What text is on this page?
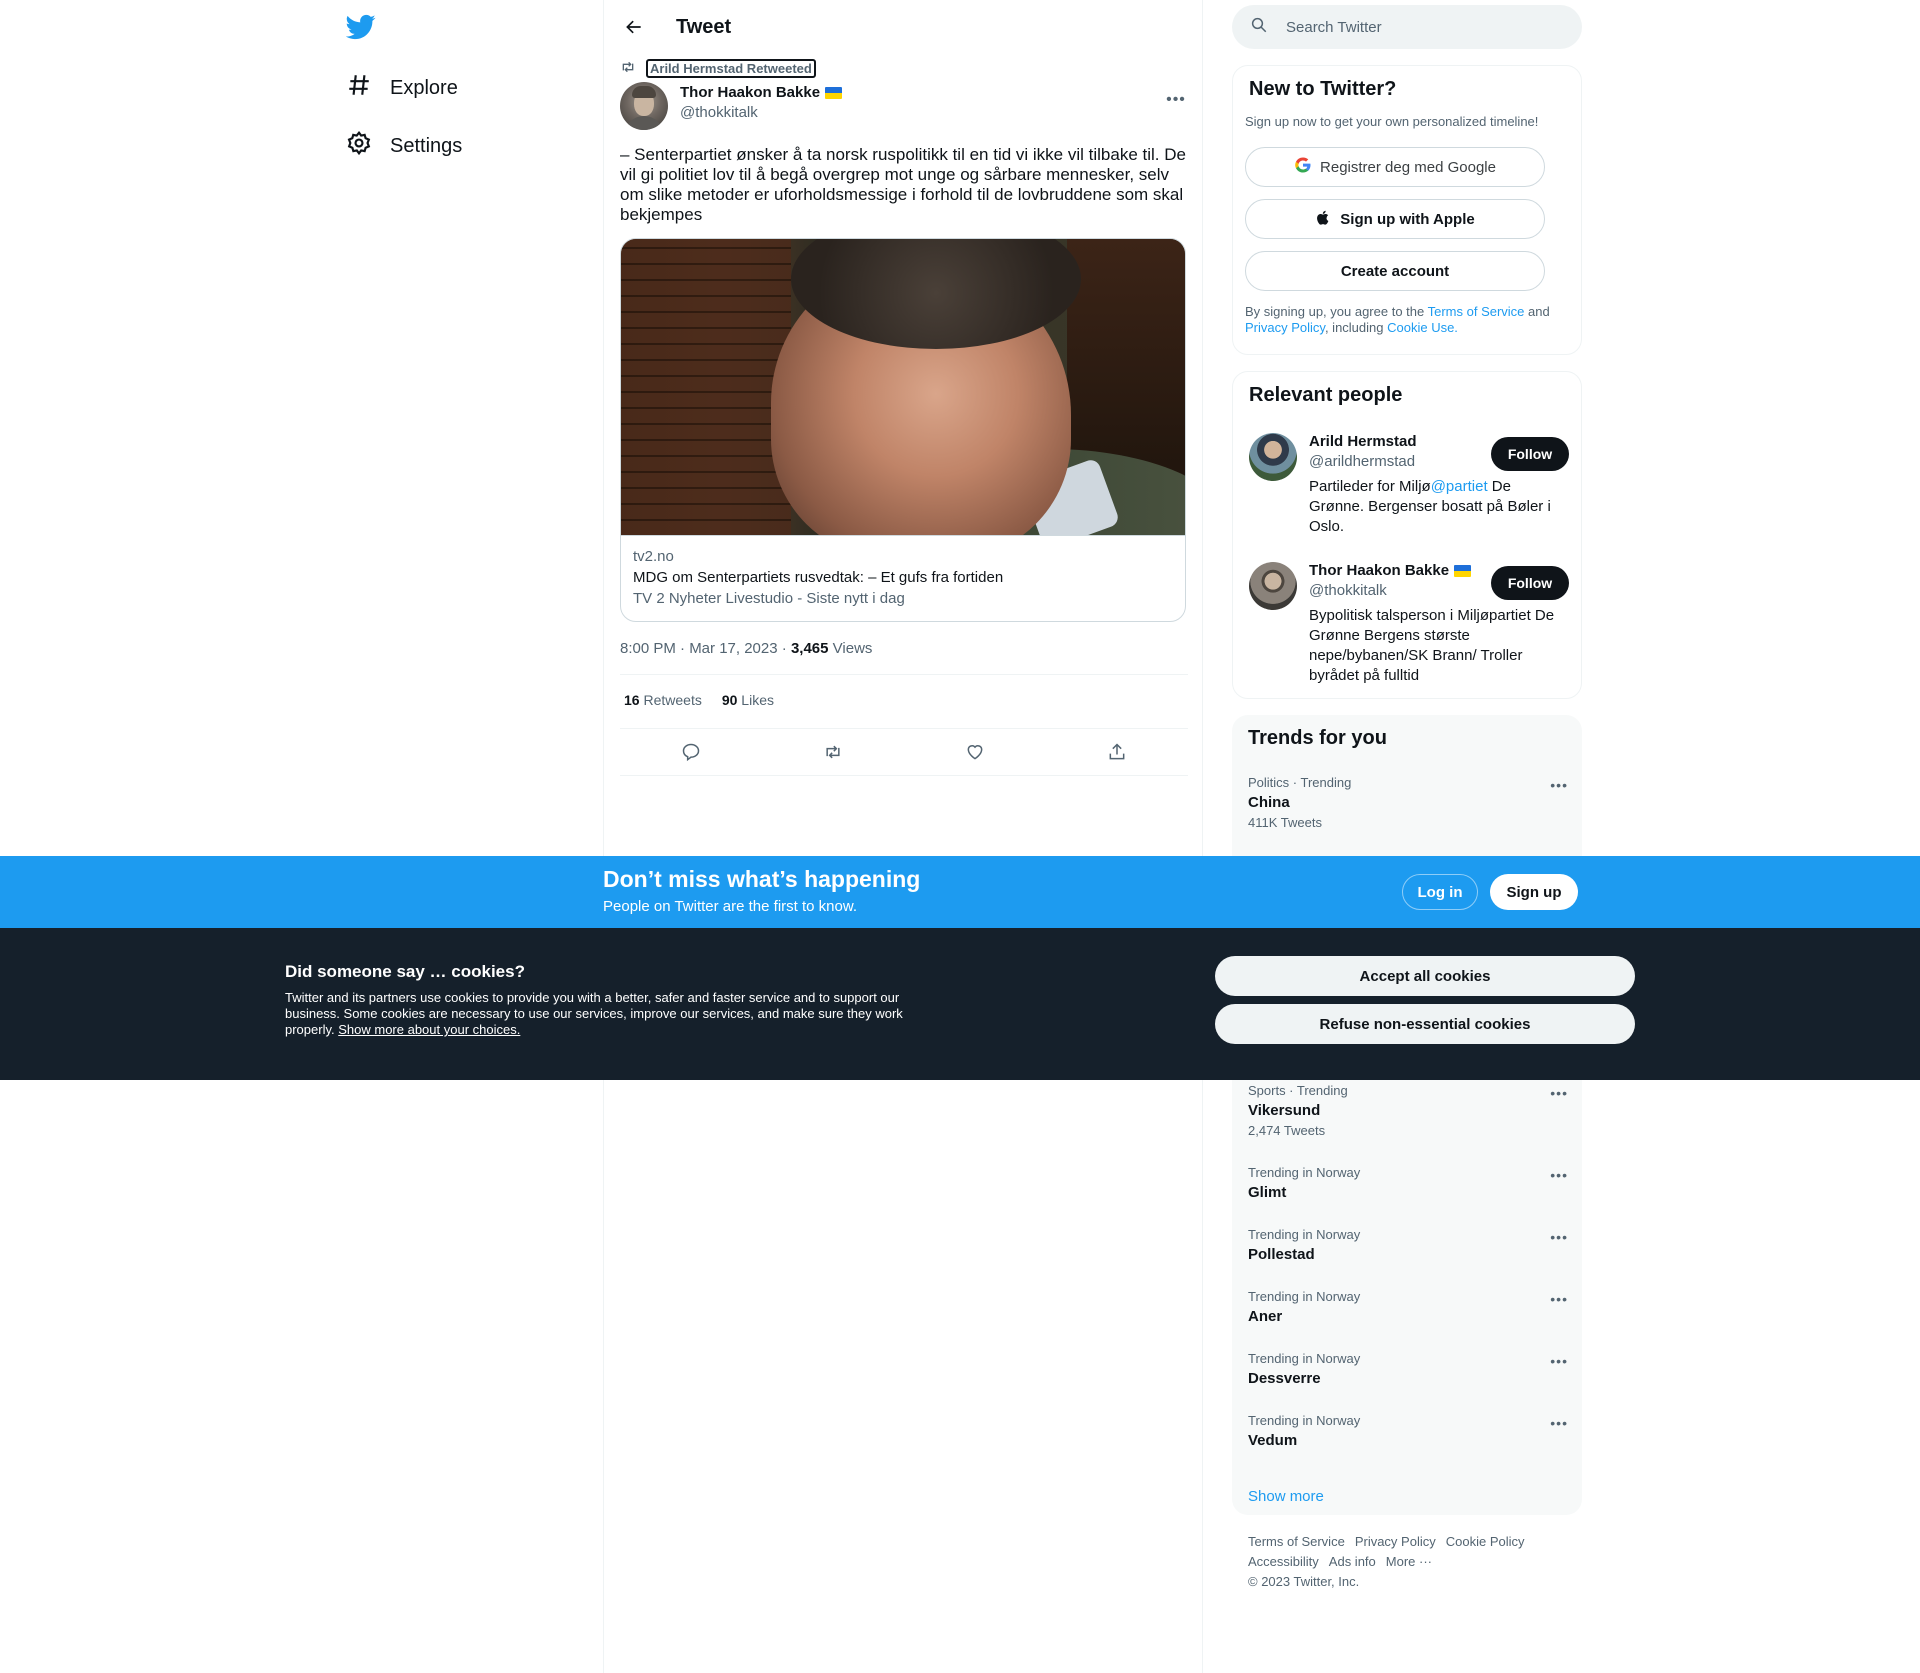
Explore
Settings
Tweet
Arild Hermstad Retweeted
Thor Haakon Bakke
@thokkitalk
•••
– Senterpartiet ønsker å ta norsk ruspolitikk til en tid vi ikke vil tilbake til. De vil gi politiet lov til å begå overgrep mot unge og sårbare mennesker, selv om slike metoder er uforholdsmessige i forhold til de lovbruddene som skal bekjempes
tv2.no
MDG om Senterpartiets rusvedtak: – Et gufs fra fortiden
TV 2 Nyheter Livestudio - Siste nytt i dag
8:00 PM · Mar 17, 2023 · 3,465 Views
16 Retweets 90 Likes
Search Twitter
New to Twitter?
Sign up now to get your own personalized timeline!
Registrer deg med Google
Sign up with Apple
Create account
By signing up, you agree to the Terms of Service and Privacy Policy, including Cookie Use.
Relevant people
Arild Hermstad
@arildhermstad
Partileder for Miljø@partiet De Grønne. Bergenser bosatt på Bøler i Oslo.
Follow
Thor Haakon Bakke
@thokkitalk
Bypolitisk talsperson i Miljøpartiet De Grønne Bergens største nepe/bybanen/SK Brann/ Troller byrådet på fulltid
Follow
Trends for you
Politics · Trending
China
411K Tweets
•••
Sports · Trending
Vikersund
2,474 Tweets
•••
Trending in Norway
Glimt
•••
Trending in Norway
Pollestad
•••
Trending in Norway
Aner
•••
Trending in Norway
Dessverre
•••
Trending in Norway
Vedum
•••
Show more
Terms of Service Privacy Policy Cookie Policy
Accessibility Ads info More ···
© 2023 Twitter, Inc.
Don’t miss what’s happening
People on Twitter are the first to know.
Log in	Sign up
Did someone say … cookies?
Twitter and its partners use cookies to provide you with a better, safer and faster service and to support our business. Some cookies are necessary to use our services, improve our services, and make sure they work properly. Show more about your choices.
Accept all cookies
Refuse non-essential cookies
